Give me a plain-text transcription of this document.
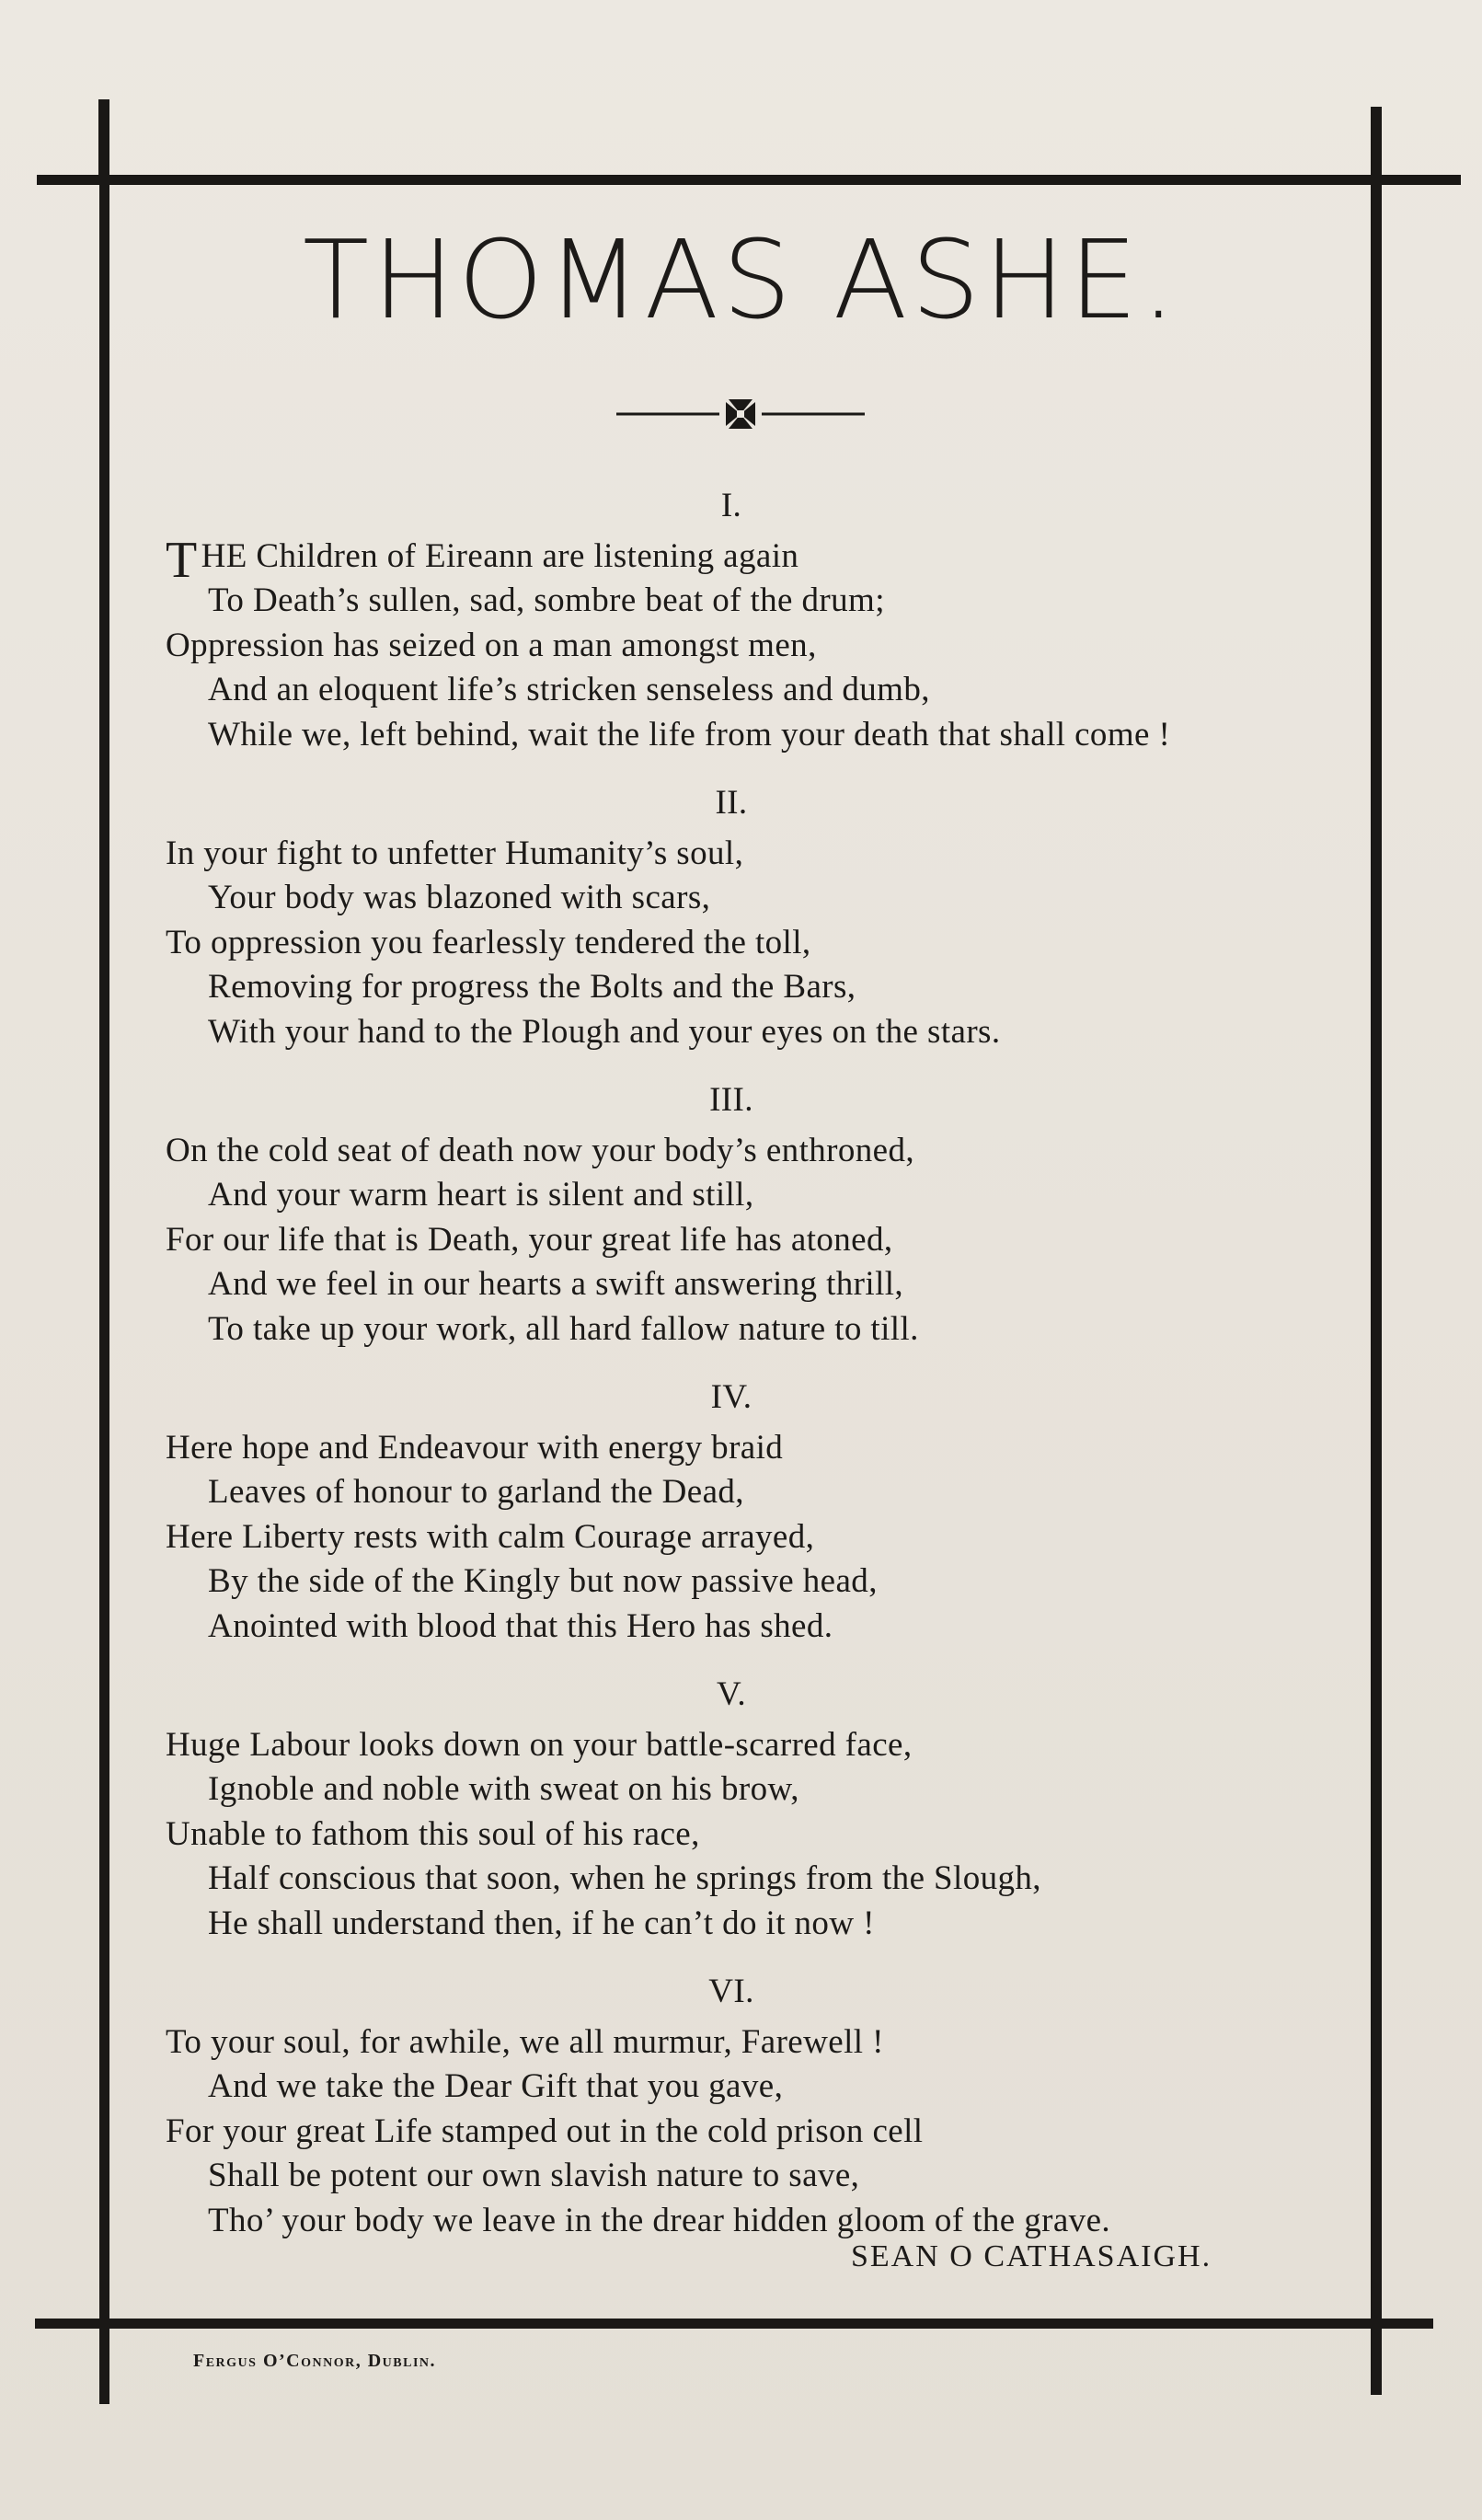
THOMAS ASHE.
I.
THE Children of Eireann are listening again
To Death’s sullen, sad, sombre beat of the drum;
Oppression has seized on a man amongst men,
And an eloquent life’s stricken senseless and dumb,
While we, left behind, wait the life from your death that shall come !
II.
In your fight to unfetter Humanity’s soul,
Your body was blazoned with scars,
To oppression you fearlessly tendered the toll,
Removing for progress the Bolts and the Bars,
With your hand to the Plough and your eyes on the stars.
III.
On the cold seat of death now your body’s enthroned,
And your warm heart is silent and still,
For our life that is Death, your great life has atoned,
And we feel in our hearts a swift answering thrill,
To take up your work, all hard fallow nature to till.
IV.
Here hope and Endeavour with energy braid
Leaves of honour to garland the Dead,
Here Liberty rests with calm Courage arrayed,
By the side of the Kingly but now passive head,
Anointed with blood that this Hero has shed.
V.
Huge Labour looks down on your battle-scarred face,
Ignoble and noble with sweat on his brow,
Unable to fathom this soul of his race,
Half conscious that soon, when he springs from the Slough,
He shall understand then, if he can’t do it now !
VI.
To your soul, for awhile, we all murmur, Farewell !
And we take the Dear Gift that you gave,
For your great Life stamped out in the cold prison cell
Shall be potent our own slavish nature to save,
Tho’ your body we leave in the drear hidden gloom of the grave.
SEAN O CATHASAIGH.
Fergus O’Connor, Dublin.
